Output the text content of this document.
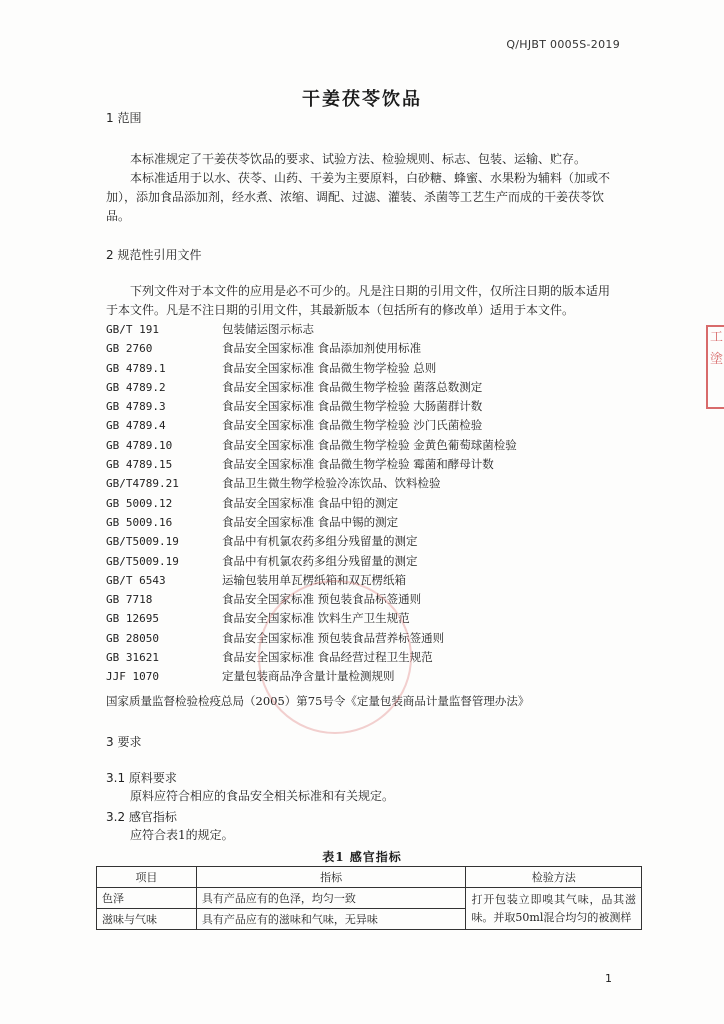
Q/HJBT 0005S-2019
干姜茯苓饮品
1 范围
本标准规定了干姜茯苓饮品的要求、试验方法、检验规则、标志、包装、运输、贮存。
本标准适用于以水、茯苓、山药、干姜为主要原料，白砂糖、蜂蜜、水果粉为辅料（加或不加），添加食品添加剂，经水煮、浓缩、调配、过滤、灌装、杀菌等工艺生产而成的干姜茯苓饮品。
2 规范性引用文件
下列文件对于本文件的应用是必不可少的。凡是注日期的引用文件，仅所注日期的版本适用于本文件。凡是不注日期的引用文件，其最新版本（包括所有的修改单）适用于本文件。
GB/T 191	包装储运图示标志
GB 2760	食品安全国家标准 食品添加剂使用标准
GB 4789.1	食品安全国家标准 食品微生物学检验 总则
GB 4789.2	食品安全国家标准 食品微生物学检验 菌落总数测定
GB 4789.3	食品安全国家标准 食品微生物学检验 大肠菌群计数
GB 4789.4	食品安全国家标准 食品微生物学检验 沙门氏菌检验
GB 4789.10	食品安全国家标准 食品微生物学检验 金黄色葡萄球菌检验
GB 4789.15	食品安全国家标准 食品微生物学检验 霉菌和酵母计数
GB/T4789.21	食品卫生微生物学检验冷冻饮品、饮料检验
GB 5009.12	食品安全国家标准 食品中铅的测定
GB 5009.16	食品安全国家标准 食品中锡的测定
GB/T5009.19	食品中有机氯农药多组分残留量的测定
GB/T5009.19	食品中有机氯农药多组分残留量的测定
GB/T 6543	运输包装用单瓦楞纸箱和双瓦楞纸箱
GB 7718	食品安全国家标准 预包装食品标签通则
GB 12695	食品安全国家标准 饮料生产卫生规范
GB 28050	食品安全国家标准 预包装食品营养标签通则
GB 31621	食品安全国家标准 食品经营过程卫生规范
JJF 1070	定量包装商品净含量计量检测规则
国家质量监督检验检疫总局（2005）第75号令《定量包装商品计量监督管理办法》
3 要求
3.1 原料要求
原料应符合相应的食品安全相关标准和有关规定。
3.2 感官指标
应符合表1的规定。
表1 感官指标
项目	指标	检验方法
色泽	具有产品应有的色泽，均匀一致	打开包装立即嗅其气味，品其滋味。并取50ml混合均匀的被测样
滋味与气味	具有产品应有的滋味和气味，无异味	
1
工
塗
